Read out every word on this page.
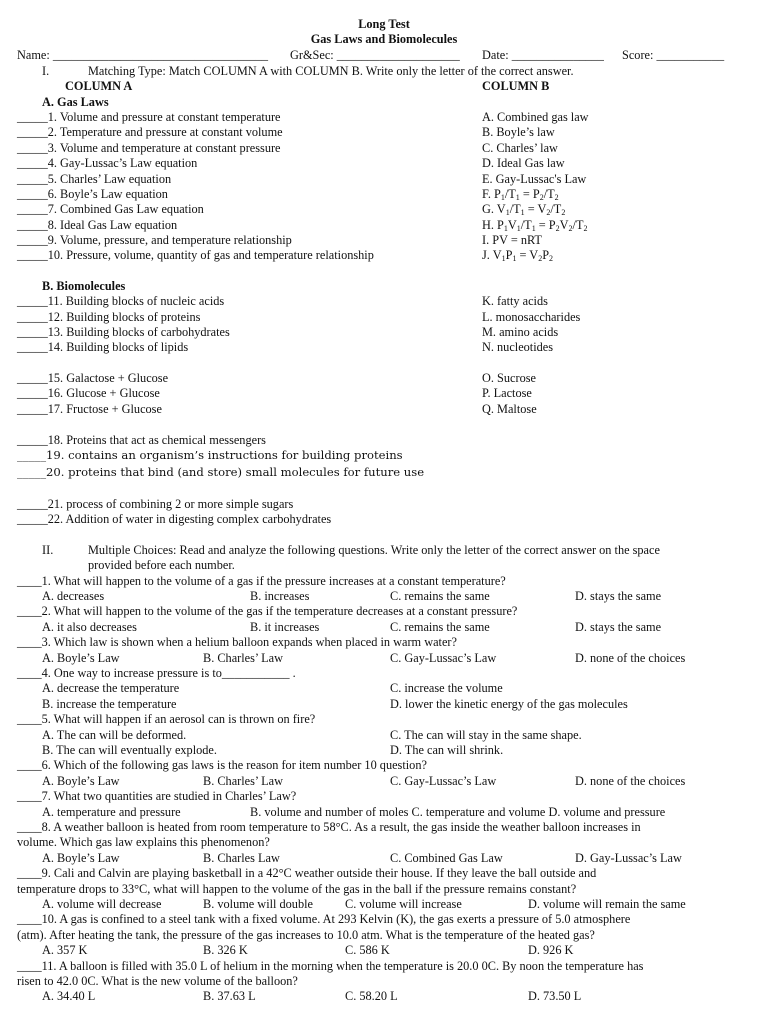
Long Test
Gas Laws and Biomolecules
Name: ___________________________________ Gr&Sec: ____________________ Date: _______________ Score: ___________
I.	Matching Type: Match COLUMN A with COLUMN B. Write only the letter of the correct answer.
COLUMN A	COLUMN B
A. Gas Laws
_____1. Volume and pressure at constant temperature	A. Combined gas law
_____2. Temperature and pressure at constant volume	B. Boyle’s law
_____3. Volume and temperature at constant pressure	C. Charles’ law
_____4. Gay-Lussac’s Law equation	D. Ideal Gas law
_____5. Charles’ Law equation	E. Gay-Lussac's Law
_____6. Boyle’s Law equation	F. $P_1/T_1 = P_2/T_2$
_____7. Combined Gas Law equation	G. $V_1/T_1 = V_2/T_2$
_____8. Ideal Gas Law equation	H. $P_1V_1/T_1 = P_2V_2/T_2$
_____9. Volume, pressure, and temperature relationship	I. PV = nRT
_____10. Pressure, volume, quantity of gas and temperature relationship	J. $V_1P_1 = V_2P_2$
B. Biomolecules
_____11. Building blocks of nucleic acids	K. fatty acids
_____12. Building blocks of proteins	L. monosaccharides
_____13. Building blocks of carbohydrates	M. amino acids
_____14. Building blocks of lipids	N. nucleotides
_____15. Galactose + Glucose	O. Sucrose
_____16. Glucose + Glucose	P. Lactose
_____17. Fructose + Glucose	Q. Maltose
_____18. Proteins that act as chemical messengers
_____19. contains an organism’s instructions for building proteins
_____20. proteins that bind (and store) small molecules for future use
_____21. process of combining 2 or more simple sugars
_____22. Addition of water in digesting complex carbohydrates
II.	Multiple Choices: Read and analyze the following questions. Write only the letter of the correct answer on the space
provided before each number.
____1. What will happen to the volume of a gas if the pressure increases at a constant temperature?
A. decreases	B. increases	C. remains the same	D. stays the same
____2. What will happen to the volume of the gas if the temperature decreases at a constant pressure?
A. it also decreases	B. it increases	C. remains the same	D. stays the same
____3. Which law is shown when a helium balloon expands when placed in warm water?
A. Boyle’s Law	B. Charles’ Law	C. Gay-Lussac’s Law	D. none of the choices
____4. One way to increase pressure is to___________ .
A. decrease the temperature	C. increase the volume
B. increase the temperature	D. lower the kinetic energy of the gas molecules
____5. What will happen if an aerosol can is thrown on fire?
A. The can will be deformed.	C. The can will stay in the same shape.
B. The can will eventually explode.	D. The can will shrink.
____6. Which of the following gas laws is the reason for item number 10 question?
A. Boyle’s Law	B. Charles’ Law	C. Gay-Lussac’s Law	D. none of the choices
____7. What two quantities are studied in Charles’ Law?
A. temperature and pressure	B. volume and number of moles C. temperature and volume D. volume and pressure
____8. A weather balloon is heated from room temperature to 58°C. As a result, the gas inside the weather balloon increases in
volume. Which gas law explains this phenomenon?
A. Boyle’s Law	B. Charles Law	C. Combined Gas Law	D. Gay-Lussac’s Law
____9. Cali and Calvin are playing basketball in a 42°C weather outside their house. If they leave the ball outside and
temperature drops to 33°C, what will happen to the volume of the gas in the ball if the pressure remains constant?
A. volume will decrease	B. volume will double	C. volume will increase	D. volume will remain the same
____10. A gas is confined to a steel tank with a fixed volume. At 293 Kelvin (K), the gas exerts a pressure of 5.0 atmosphere
(atm). After heating the tank, the pressure of the gas increases to 10.0 atm. What is the temperature of the heated gas?
A. 357 K	B. 326 K	C. 586 K	D. 926 K
____11. A balloon is filled with 35.0 L of helium in the morning when the temperature is 20.0 0C. By noon the temperature has
risen to 42.0 0C. What is the new volume of the balloon?
A. 34.40 L	B. 37.63 L	C. 58.20 L	D. 73.50 L
